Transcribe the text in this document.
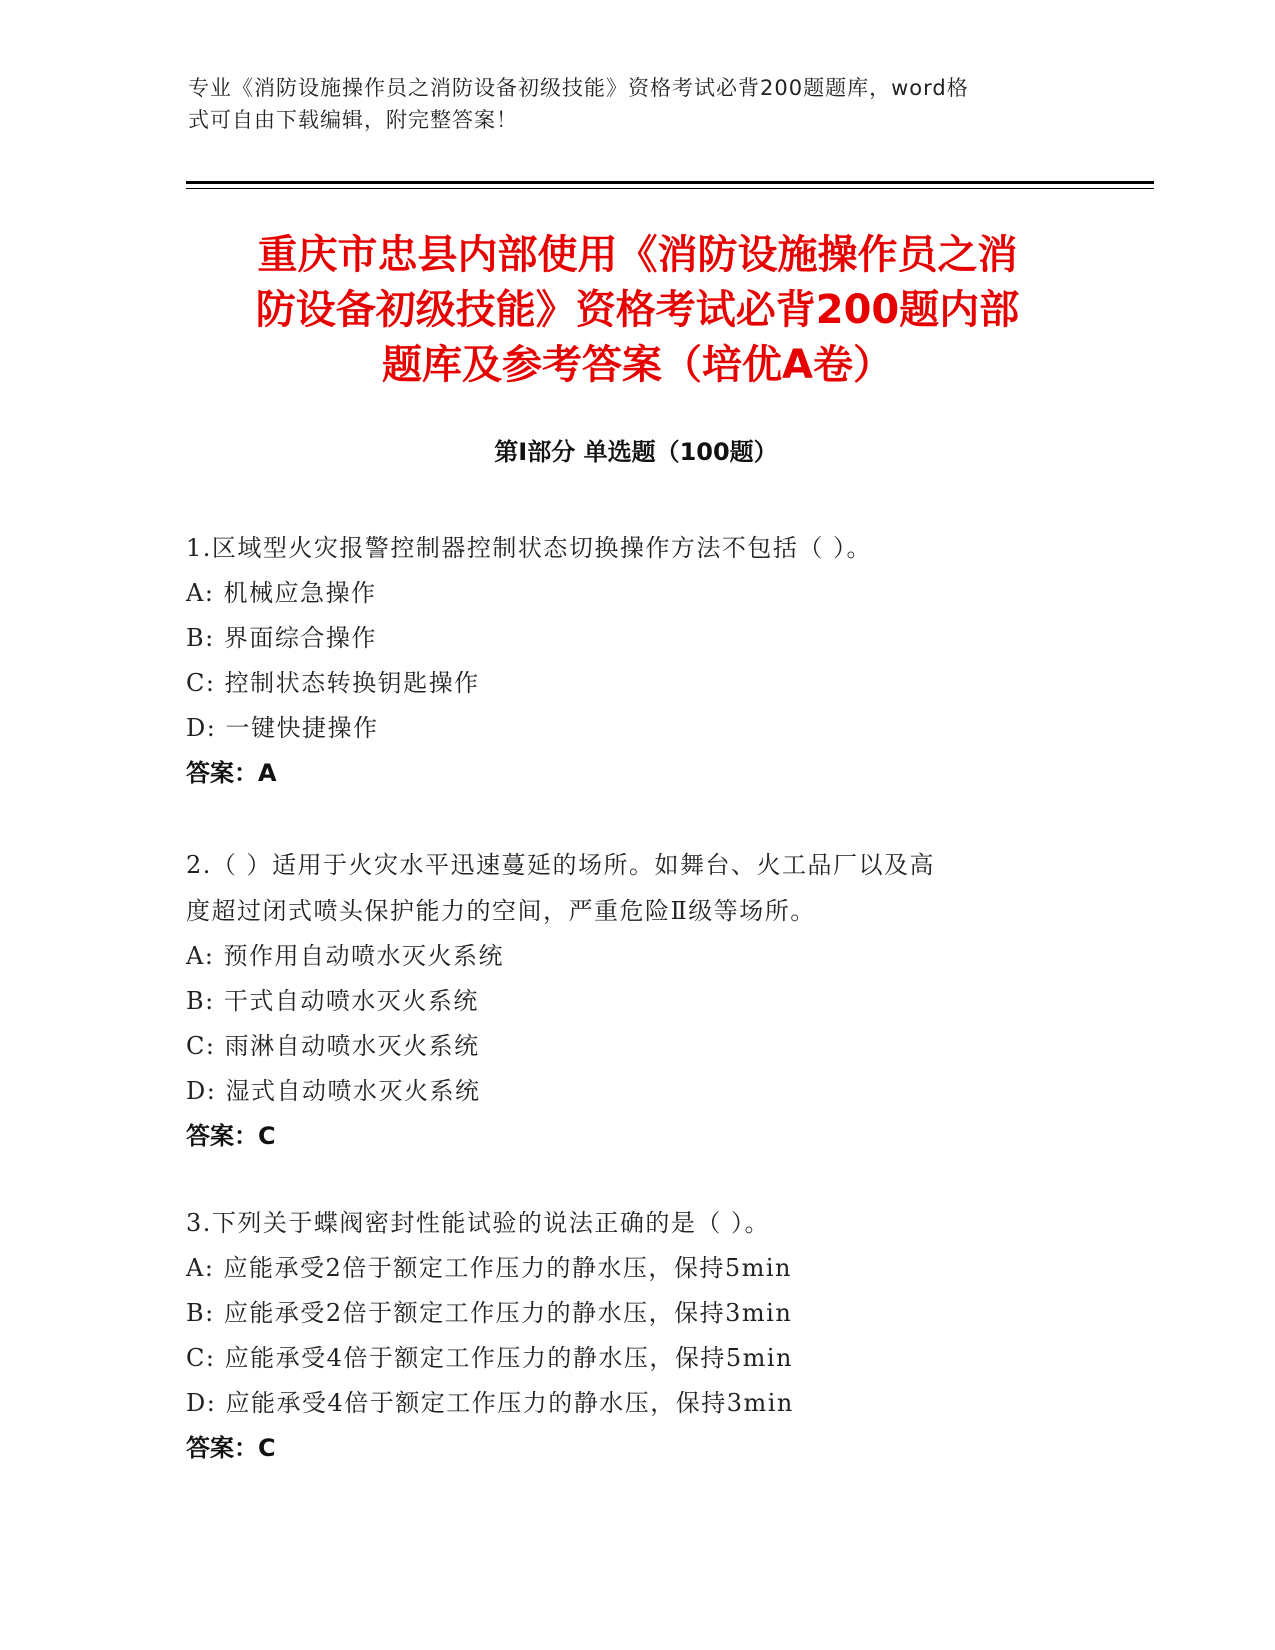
专业《消防设施操作员之消防设备初级技能》资格考试必背200题题库，word格
式可自由下载编辑，附完整答案！
重庆市忠县内部使用《消防设施操作员之消
防设备初级技能》资格考试必背200题内部
题库及参考答案（培优A卷）
第Ⅰ部分 单选题（100题）
1.区域型火灾报警控制器控制状态切换操作方法不包括（ ）。
A: 机械应急操作
B: 界面综合操作
C: 控制状态转换钥匙操作
D: 一键快捷操作
答案：A
2.（ ）适用于火灾水平迅速蔓延的场所。如舞台、火工品厂以及高
度超过闭式喷头保护能力的空间，严重危险Ⅱ级等场所。
A: 预作用自动喷水灭火系统
B: 干式自动喷水灭火系统
C: 雨淋自动喷水灭火系统
D: 湿式自动喷水灭火系统
答案：C
3.下列关于蝶阀密封性能试验的说法正确的是（ ）。
A: 应能承受2倍于额定工作压力的静水压，保持5min
B: 应能承受2倍于额定工作压力的静水压，保持3min
C: 应能承受4倍于额定工作压力的静水压，保持5min
D: 应能承受4倍于额定工作压力的静水压，保持3min
答案：C
